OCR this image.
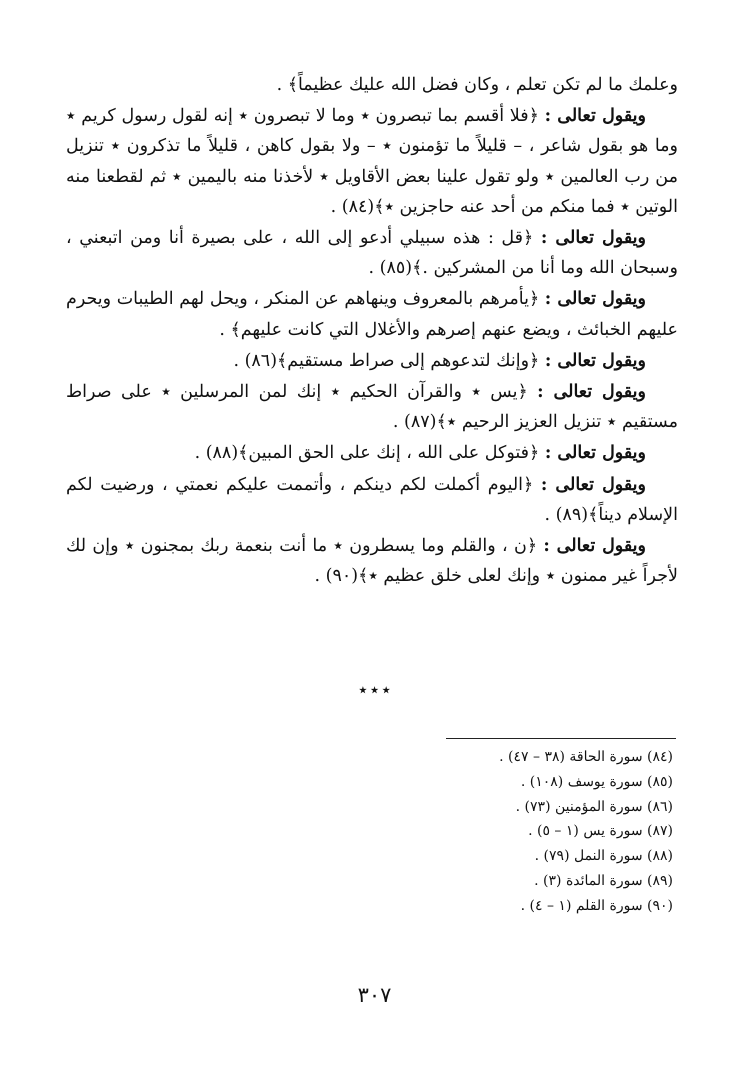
وعلمك ما لم تكن تعلم ، وكان فضل الله عليك عظيماً﴾ .

ويقول تعالى : ﴿فلا أقسم بما تبصرون ٭ وما لا تبصرون ٭ إنه لقول رسول كريم ٭ وما هو بقول شاعر ، – قليلاً ما تؤمنون ٭ – ولا بقول كاهن ، قليلاً ما تذكرون ٭ تنزيل من رب العالمين ٭ ولو تقول علينا بعض الأقاويل ٭ لأخذنا منه باليمين ٭ ثم لقطعنا منه الوتين ٭ فما منكم من أحد عنه حاجزين ٭﴾(٨٤) .

ويقول تعالى : ﴿قل : هذه سبيلي أدعو إلى الله ، على بصيرة أنا ومن اتبعني ، وسبحان الله وما أنا من المشركين .﴾(٨٥) .

ويقول تعالى : ﴿يأمرهم بالمعروف وينهاهم عن المنكر ، ويحل لهم الطيبات ويحرم عليهم الخبائث ، ويضع عنهم إصرهم والأغلال التي كانت عليهم﴾ .

ويقول تعالى : ﴿وإنك لتدعوهم إلى صراط مستقيم﴾(٨٦) .

ويقول تعالى : ﴿يس ٭ والقرآن الحكيم ٭ إنك لمن المرسلين ٭ على صراط مستقيم ٭ تنزيل العزيز الرحيم ٭﴾(٨٧) .

ويقول تعالى : ﴿فتوكل على الله ، إنك على الحق المبين﴾(٨٨) .

ويقول تعالى : ﴿اليوم أكملت لكم دينكم ، وأتممت عليكم نعمتي ، ورضيت لكم الإسلام ديناً﴾(٨٩) .

ويقول تعالى : ﴿ن ، والقلم وما يسطرون ٭ ما أنت بنعمة ربك بمجنون ٭ وإن لك لأجراً غير ممنون ٭ وإنك لعلى خلق عظيم ٭﴾(٩٠) .

٭ ٭ ٭
(٨٤) سورة الحاقة (٣٨ – ٤٧) .
(٨٥) سورة يوسف (١٠٨) .
(٨٦) سورة المؤمنين (٧٣) .
(٨٧) سورة يس (١ – ٥) .
(٨٨) سورة النمل (٧٩) .
(٨٩) سورة المائدة (٣) .
(٩٠) سورة القلم (١ – ٤) .
٣٠٧
